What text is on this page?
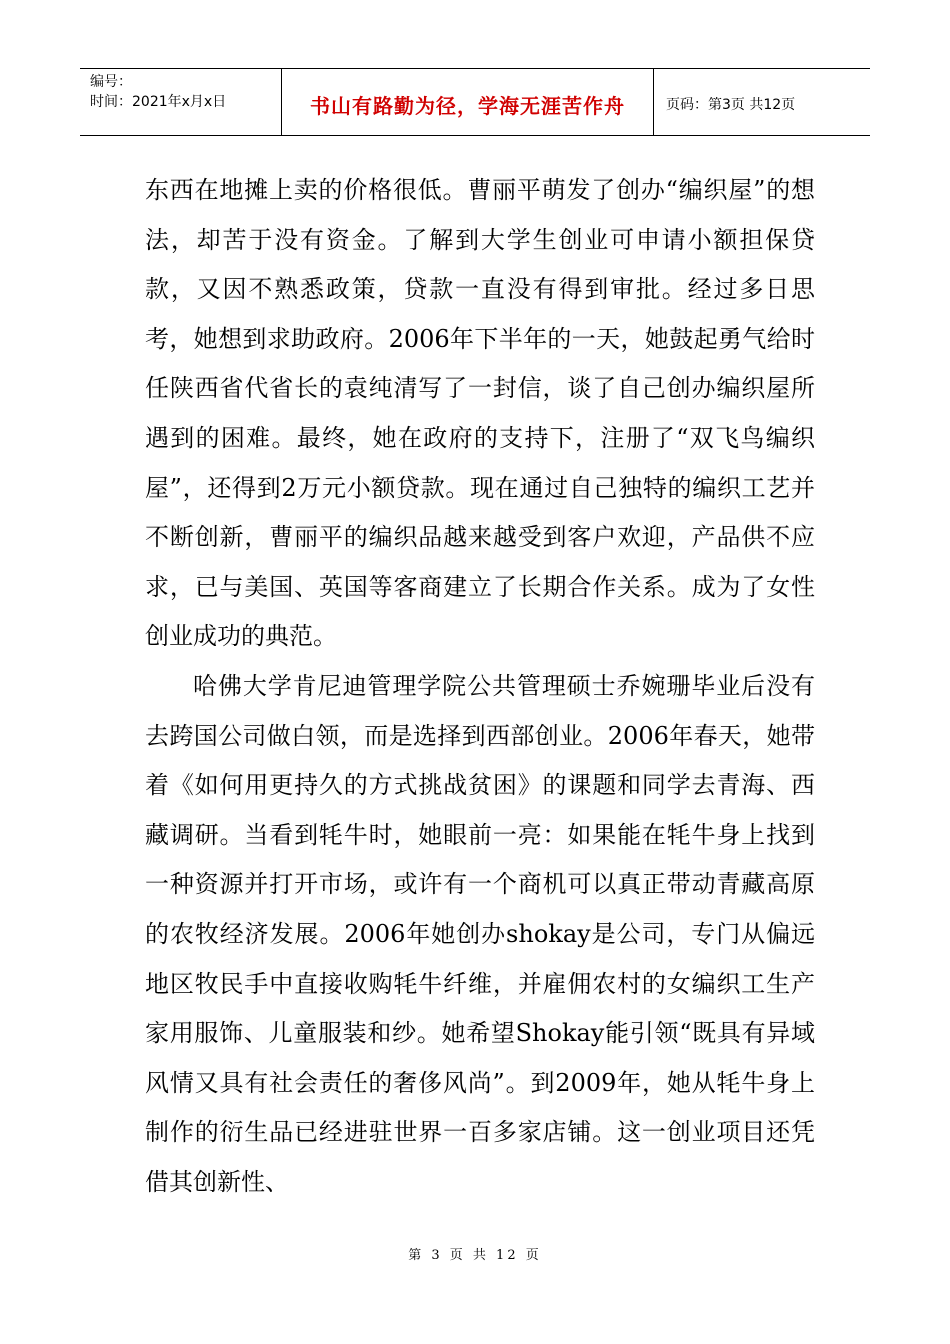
编号：
时间：2021年x月x日	书山有路勤为径，学海无涯苦作舟	页码：第3页 共12页

东西在地摊上卖的价格很低。曹丽平萌发了创办“编织屋”的想法，却苦于没有资金。了解到大学生创业可申请小额担保贷款，又因不熟悉政策，贷款一直没有得到审批。经过多日思考，她想到求助政府。2006年下半年的一天，她鼓起勇气给时任陕西省代省长的袁纯清写了一封信，谈了自己创办编织屋所遇到的困难。最终，她在政府的支持下，注册了“双飞鸟编织屋”，还得到2万元小额贷款。现在通过自己独特的编织工艺并不断创新，曹丽平的编织品越来越受到客户欢迎，产品供不应求，已与美国、英国等客商建立了长期合作关系。成为了女性创业成功的典范。

哈佛大学肯尼迪管理学院公共管理硕士乔婉珊毕业后没有去跨国公司做白领，而是选择到西部创业。2006年春天，她带着《如何用更持久的方式挑战贫困》的课题和同学去青海、西藏调研。当看到牦牛时，她眼前一亮：如果能在牦牛身上找到一种资源并打开市场，或许有一个商机可以真正带动青藏高原的农牧经济发展。2006年她创办shokay是公司，专门从偏远地区牧民手中直接收购牦牛纤维，并雇佣农村的女编织工生产家用服饰、儿童服装和纱。她希望Shokay能引领“既具有异域风情又具有社会责任的奢侈风尚”。到2009年，她从牦牛身上制作的衍生品已经进驻世界一百多家店铺。这一创业项目还凭借其创新性、

第 3 页 共 12 页
